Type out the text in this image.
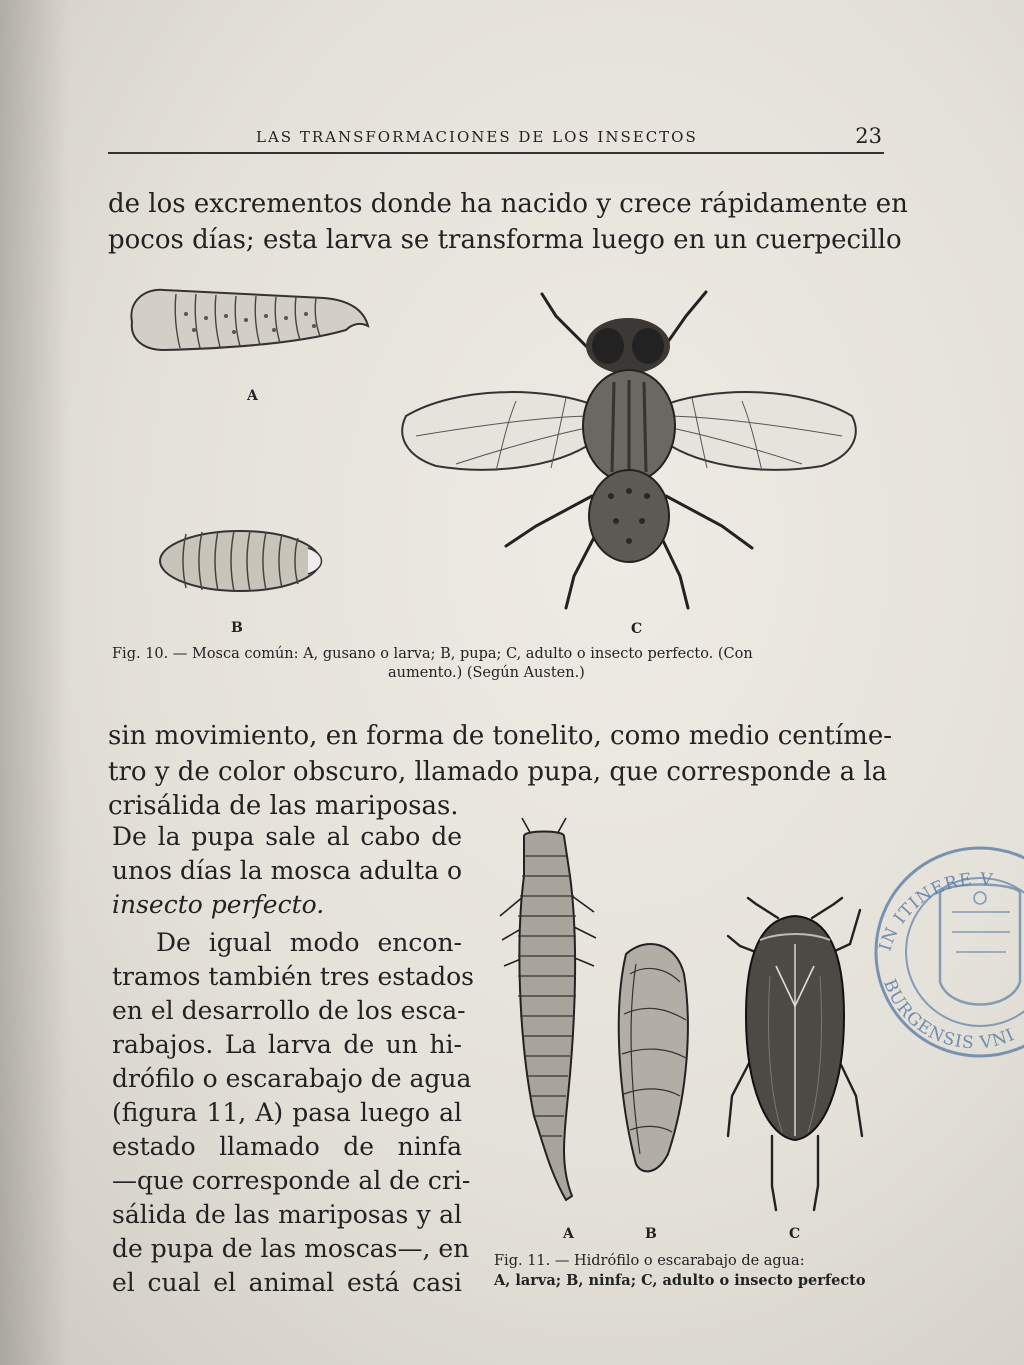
LAS TRANSFORMACIONES DE LOS INSECTOS	23
de los excrementos donde ha nacido y crece rápidamente en
pocos días; esta larva se transforma luego en un cuerpecillo
A
B	C
Fig. 10. — Mosca común: A, gusano o larva; B, pupa; C, adulto o insecto perfecto. (Con
aumento.) (Según Austen.)
sin movimiento, en forma de tonelito, como medio centíme-
tro y de color obscuro, llamado pupa, que corresponde a la
crisálida de las mariposas.
De la pupa sale al cabo de
unos días la mosca adulta o
insecto perfecto.
De igual modo encon-
tramos también tres estados
en el desarrollo de los esca-
rabajos. La larva de un hi-
drófilo o escarabajo de agua
(figura 11, A) pasa luego al
estado llamado de ninfa
—que corresponde al de cri-
sálida de las mariposas y al
de pupa de las moscas—, en
el cual el animal está casi
A	B	C
Fig. 11. — Hidrófilo o escarabajo de agua:
A, larva; B, ninfa; C, adulto o insecto perfecto
IN ITINERE V
BURGENSIS VNI
